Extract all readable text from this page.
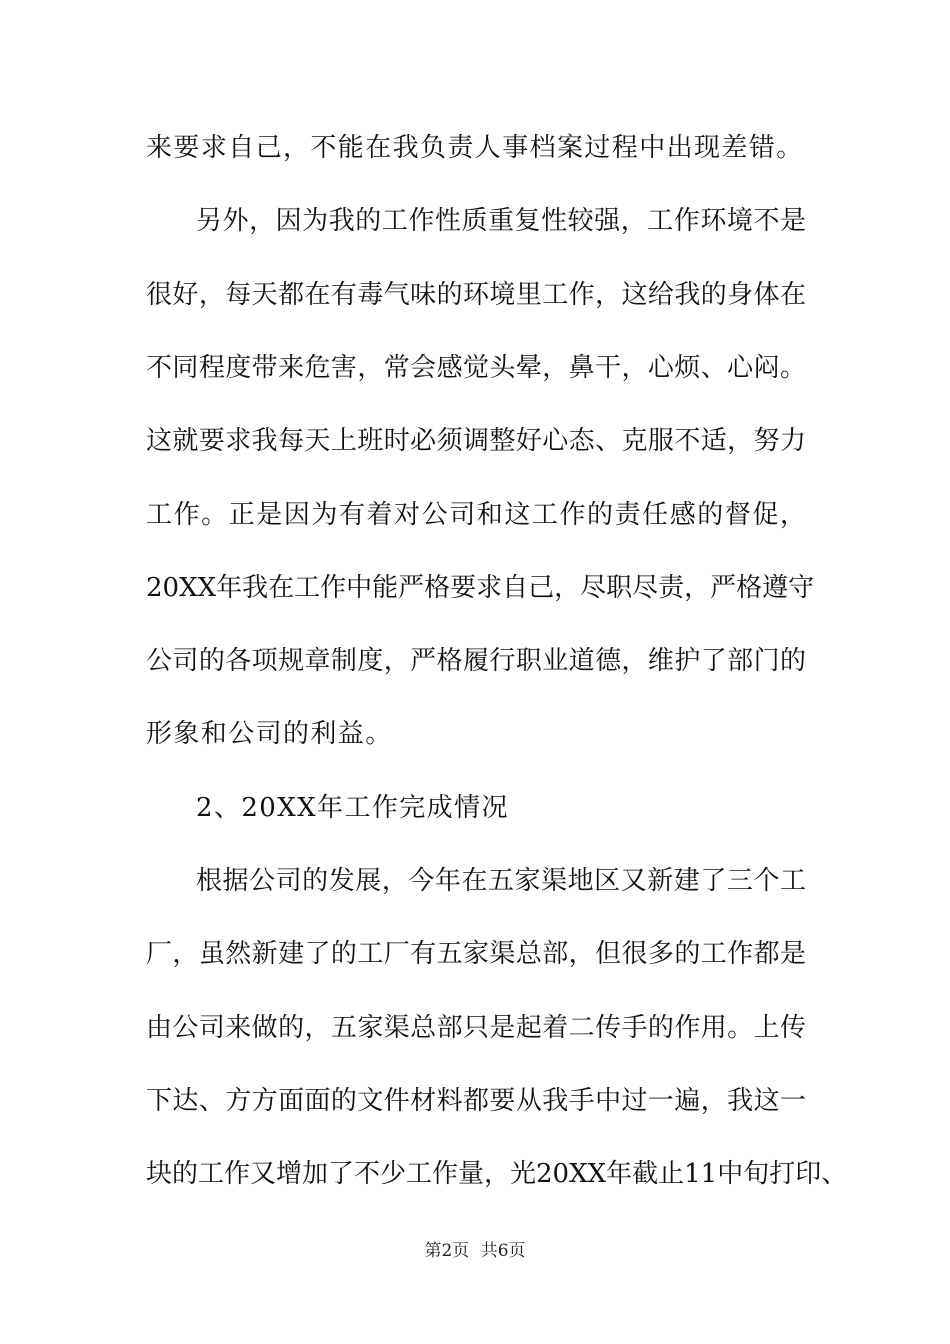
来要求自己，不能在我负责人事档案过程中出现差错。
另外，因为我的工作性质重复性较强，工作环境不是
很好，每天都在有毒气味的环境里工作，这给我的身体在
不同程度带来危害，常会感觉头晕，鼻干，心烦、心闷。
这就要求我每天上班时必须调整好心态、克服不适，努力
工作。正是因为有着对公司和这工作的责任感的督促，
20XX年我在工作中能严格要求自己，尽职尽责，严格遵守
公司的各项规章制度，严格履行职业道德，维护了部门的
形象和公司的利益。
2、20XX年工作完成情况
根据公司的发展，今年在五家渠地区又新建了三个工
厂，虽然新建了的工厂有五家渠总部，但很多的工作都是
由公司来做的，五家渠总部只是起着二传手的作用。上传
下达、方方面面的文件材料都要从我手中过一遍，我这一
块的工作又增加了不少工作量，光20XX年截止11中旬打印、
第2页 共6页
